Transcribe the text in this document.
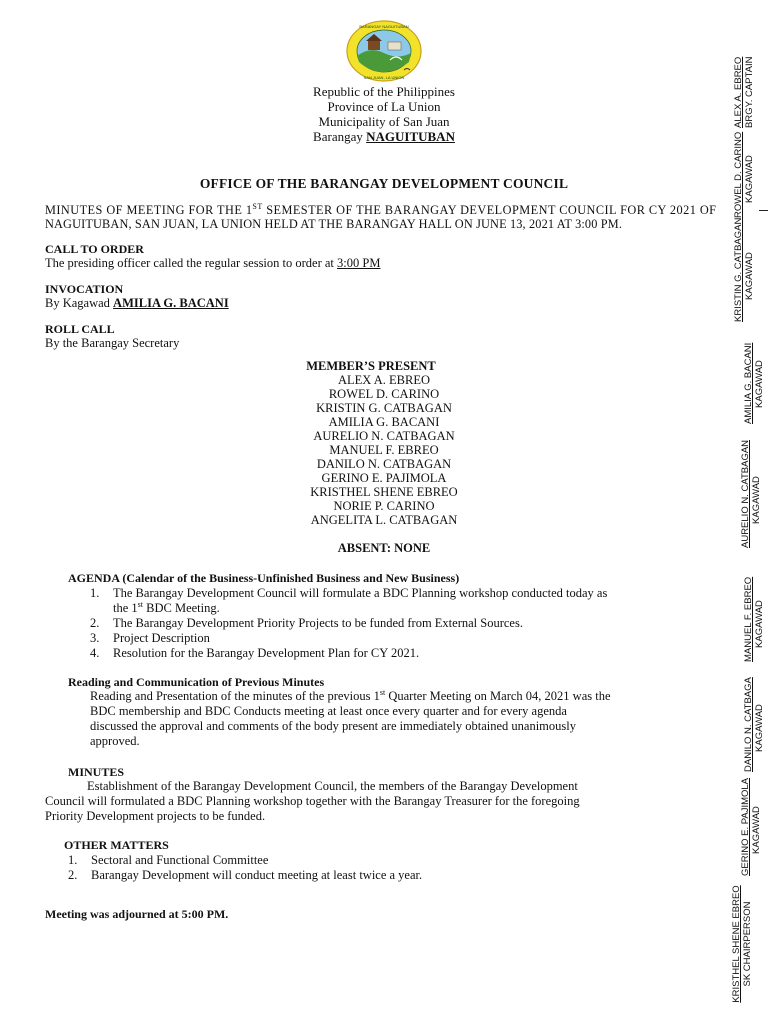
BARANGAY NAGUITUBAN
SAN JUAN, LA UNION
Republic of the Philippines
Province of La Union
Municipality of San Juan
Barangay NAGUITUBAN
OFFICE OF THE BARANGAY DEVELOPMENT COUNCIL
MINUTES OF MEETING FOR THE 1ST SEMESTER OF THE BARANGAY DEVELOPMENT COUNCIL FOR CY 2021 OF
NAGUITUBAN, SAN JUAN, LA UNION HELD AT THE BARANGAY HALL ON JUNE 13, 2021 AT 3:00 PM.
CALL TO ORDER
The presiding officer called the regular session to order at 3:00 PM
INVOCATION
By Kagawad AMILIA G. BACANI
ROLL CALL
By the Barangay Secretary
MEMBER’S PRESENT
ALEX A. EBREO
ROWEL D. CARINO
KRISTIN G. CATBAGAN
AMILIA G. BACANI
AURELIO N. CATBAGAN
MANUEL F. EBREO
DANILO N. CATBAGAN
GERINO E. PAJIMOLA
KRISTHEL SHENE EBREO
NORIE P. CARINO
ANGELITA L. CATBAGAN
ABSENT: NONE
AGENDA (Calendar of the Business-Unfinished Business and New Business)
1. The Barangay Development Council will formulate a BDC Planning workshop conducted today as
the 1st BDC Meeting.
2. The Barangay Development Priority Projects to be funded from External Sources.
3. Project Description
4. Resolution for the Barangay Development Plan for CY 2021.
Reading and Communication of Previous Minutes
Reading and Presentation of the minutes of the previous 1st Quarter Meeting on March 04, 2021 was the
BDC membership and BDC Conducts meeting at least once every quarter and for every agenda
discussed the approval and comments of the body present are immediately obtained unanimously
approved.
MINUTES
Establishment of the Barangay Development Council, the members of the Barangay Development
Council will formulated a BDC Planning workshop together with the Barangay Treasurer for the foregoing
Priority Development projects to be funded.
OTHER MATTERS
1. Sectoral and Functional Committee
2. Barangay Development will conduct meeting at least twice a year.
Meeting was adjourned at 5:00 PM.
ALEX A. EBREO BRGY. CAPTAIN
ROWEL D. CARINO KAGAWAD
KRISTIN G. CATBAGAN KAGAWAD
AMILIA G. BACANI KAGAWAD
AURELIO N. CATBAGAN KAGAWAD
MANUEL F. EBREO KAGAWAD
DANILO N. CATBAGA KAGAWAD
GERINO E. PAJIMOLA KAGAWAD
KRISTHEL SHENE EBREO SK CHAIRPERSON
